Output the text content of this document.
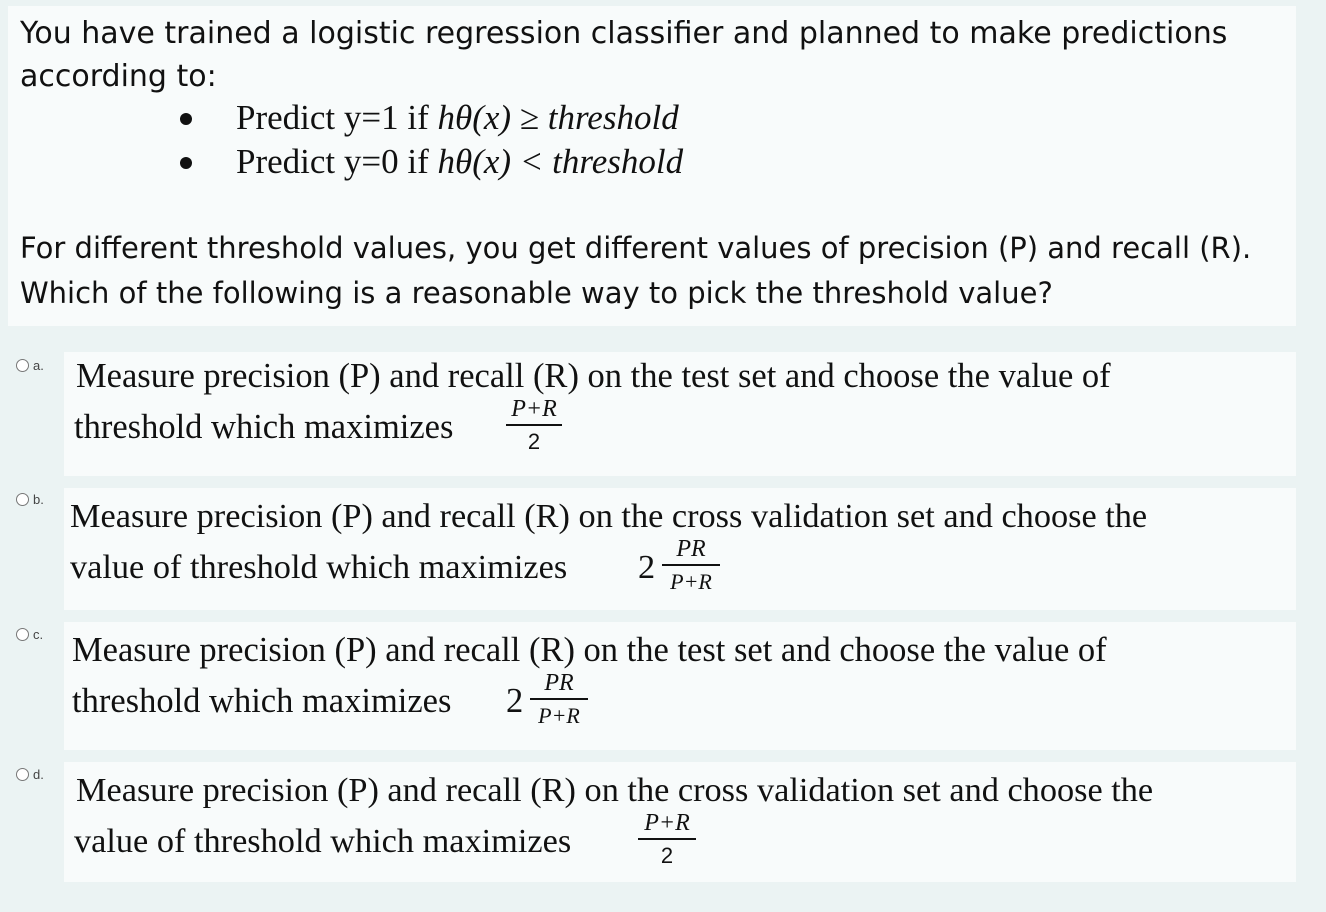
You have trained a logistic regression classifier and planned to make predictions
according to:
Predict y=1 if hθ(x) ≥ threshold
Predict y=0 if hθ(x) < threshold
For different threshold values, you get different values of precision (P) and recall (R).
Which of the following is a reasonable way to pick the threshold value?
a. Measure precision (P) and recall (R) on the test set and choose the value of
threshold which maximizes P+R
2
b. Measure precision (P) and recall (R) on the cross validation set and choose the
value of threshold which maximizes 2 PR
P+R
c. Measure precision (P) and recall (R) on the test set and choose the value of
threshold which maximizes 2 PR
P+R
d. Measure precision (P) and recall (R) on the cross validation set and choose the
value of threshold which maximizes	P+R
2
